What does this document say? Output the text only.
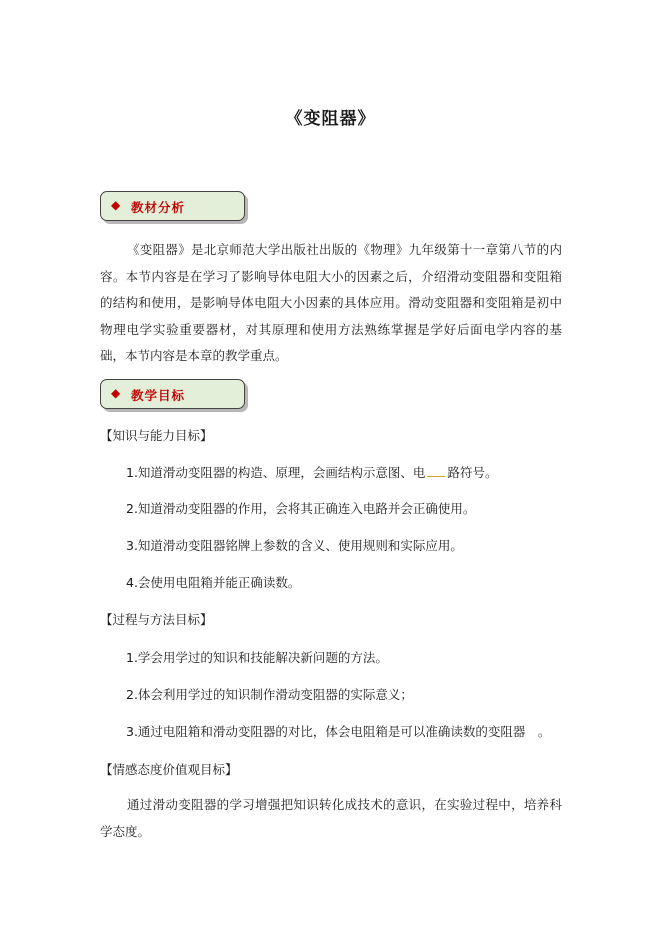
《变阻器》
◆ 教材分析

《变阻器》是北京师范大学出版社出版的《物理》九年级第十一章第八节的内容。本节内容是在学习了影响导体电阻大小的因素之后，介绍滑动变阻器和变阻箱的结构和使用，是影响导体电阻大小因素的具体应用。滑动变阻器和变阻箱是初中物理电学实验重要器材，对其原理和使用方法熟练掌握是学好后面电学内容的基础，本节内容是本章的教学重点。

◆ 教学目标
【知识与能力目标】
1.知道滑动变阻器的构造、原理，会画结构示意图、电 路符号。
2.知道滑动变阻器的作用，会将其正确连入电路并会正确使用。
3.知道滑动变阻器铭牌上参数的含义、使用规则和实际应用。
4.会使用电阻箱并能正确读数。
【过程与方法目标】
1.学会用学过的知识和技能解决新问题的方法。
2.体会利用学过的知识制作滑动变阻器的实际意义；
3.通过电阻箱和滑动变阻器的对比，体会电阻箱是可以准确读数的变阻器　。
【情感态度价值观目标】

通过滑动变阻器的学习增强把知识转化成技术的意识，在实验过程中，培养科学态度。
